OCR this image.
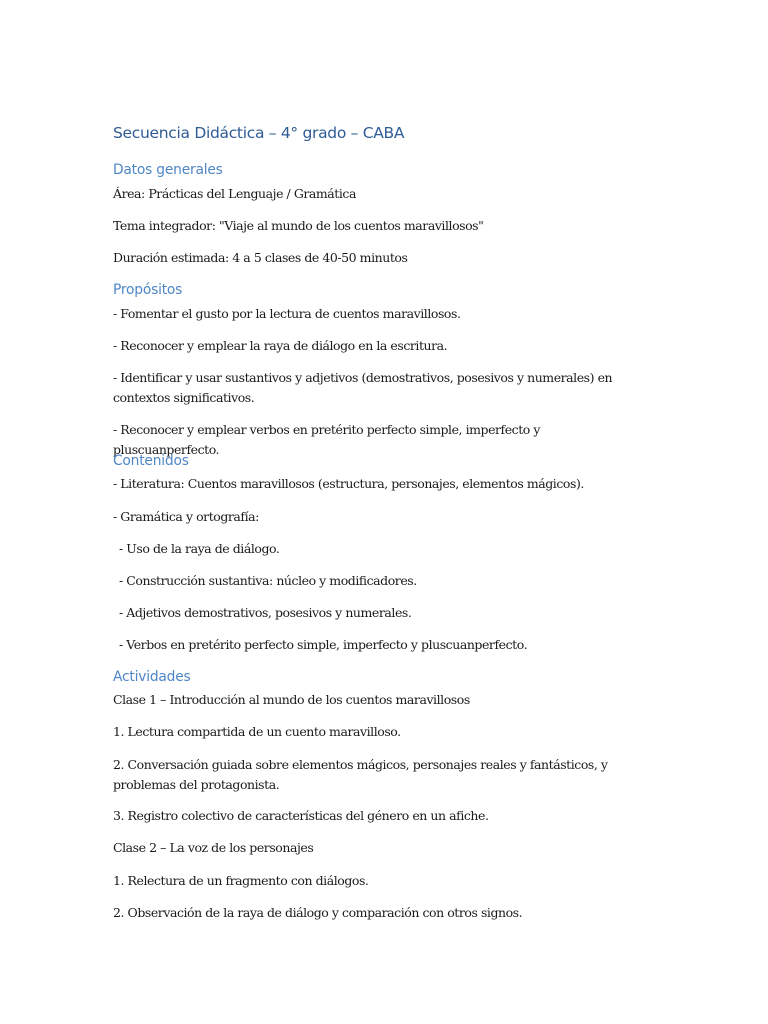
Secuencia Didáctica – 4° grado – CABA
Datos generales

Área: Prácticas del Lenguaje / Gramática

Tema integrador: "Viaje al mundo de los cuentos maravillosos"

Duración estimada: 4 a 5 clases de 40-50 minutos

Propósitos

- Fomentar el gusto por la lectura de cuentos maravillosos.

- Reconocer y emplear la raya de diálogo en la escritura.

- Identificar y usar sustantivos y adjetivos (demostrativos, posesivos y numerales) en contextos significativos.

- Reconocer y emplear verbos en pretérito perfecto simple, imperfecto y pluscuanperfecto.

Contenidos

- Literatura: Cuentos maravillosos (estructura, personajes, elementos mágicos).

- Gramática y ortografía:

- Uso de la raya de diálogo.

- Construcción sustantiva: núcleo y modificadores.

- Adjetivos demostrativos, posesivos y numerales.

- Verbos en pretérito perfecto simple, imperfecto y pluscuanperfecto.

Actividades

Clase 1 – Introducción al mundo de los cuentos maravillosos

1. Lectura compartida de un cuento maravilloso.

2. Conversación guiada sobre elementos mágicos, personajes reales y fantásticos, y problemas del protagonista.

3. Registro colectivo de características del género en un afiche.

Clase 2 – La voz de los personajes

1. Relectura de un fragmento con diálogos.

2. Observación de la raya de diálogo y comparación con otros signos.
